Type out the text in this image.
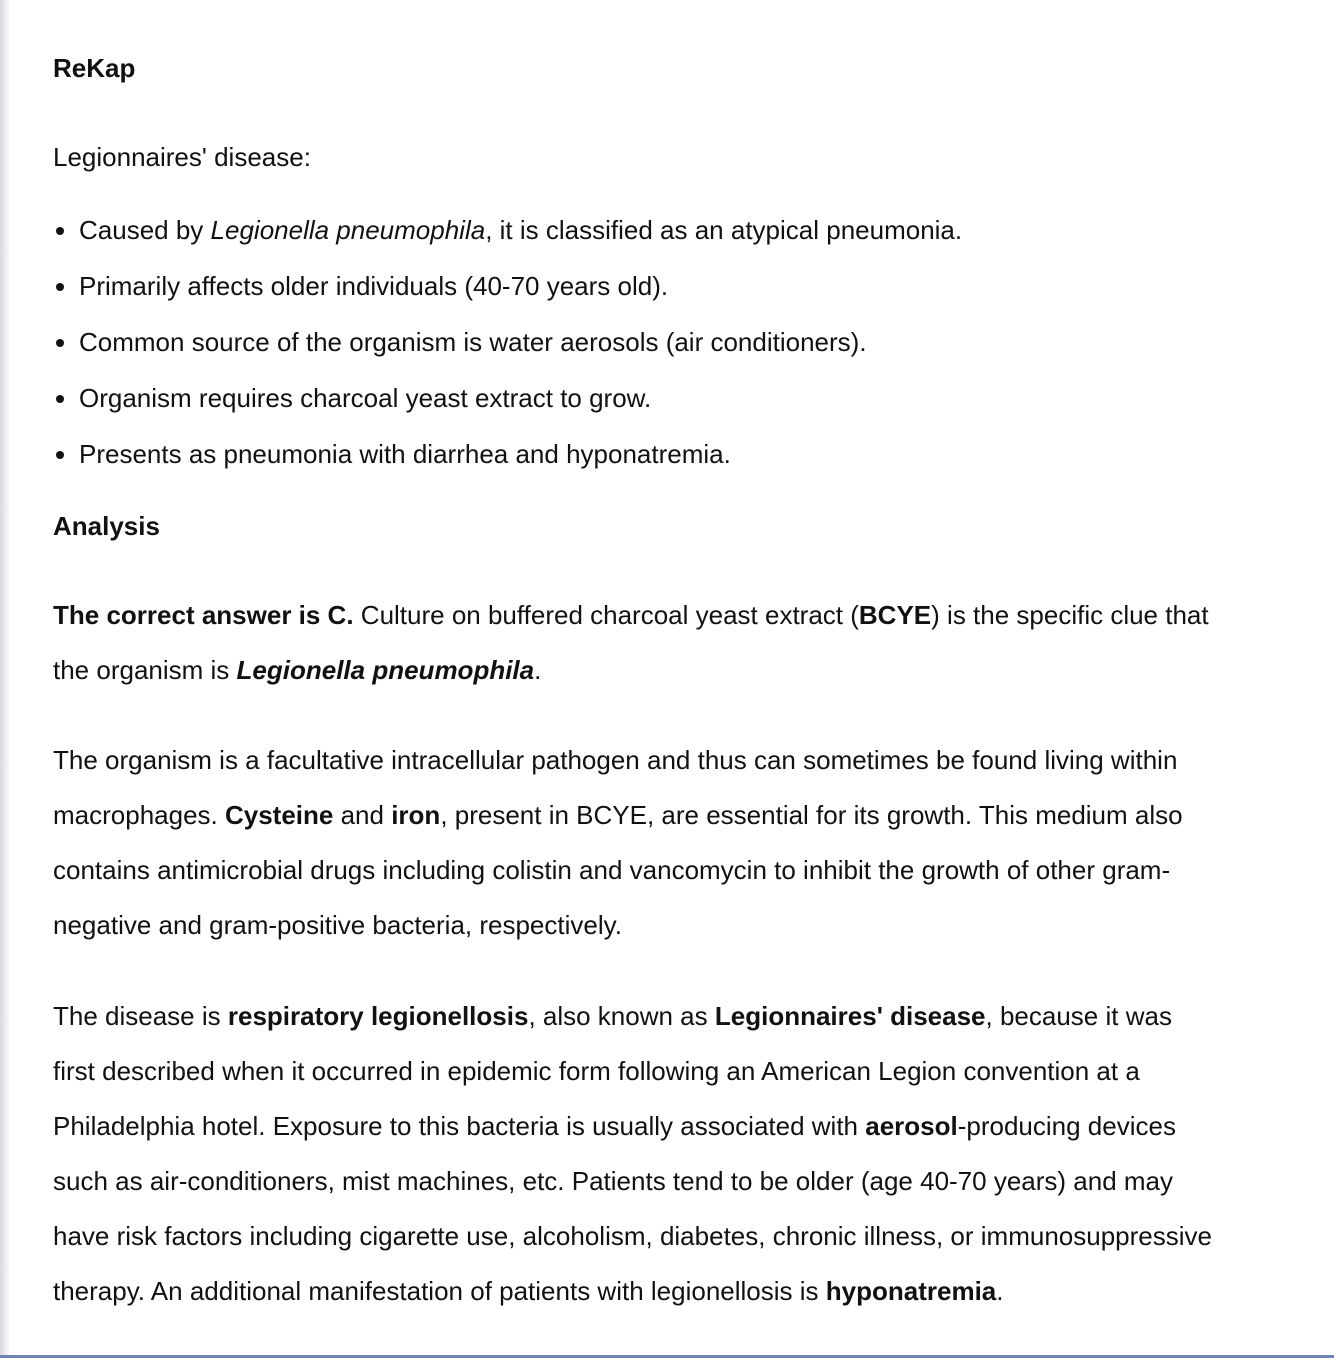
ReKap

Legionnaires' disease:

Caused by Legionella pneumophila, it is classified as an atypical pneumonia.
Primarily affects older individuals (40-70 years old).
Common source of the organism is water aerosols (air conditioners).
Organism requires charcoal yeast extract to grow.
Presents as pneumonia with diarrhea and hyponatremia.
Analysis
The correct answer is C. Culture on buffered charcoal yeast extract (BCYE) is the specific clue that
the organism is Legionella pneumophila.
The organism is a facultative intracellular pathogen and thus can sometimes be found living within
macrophages. Cysteine and iron, present in BCYE, are essential for its growth. This medium also
contains antimicrobial drugs including colistin and vancomycin to inhibit the growth of other gram-
negative and gram-positive bacteria, respectively.
The disease is respiratory legionellosis, also known as Legionnaires' disease, because it was
first described when it occurred in epidemic form following an American Legion convention at a
Philadelphia hotel. Exposure to this bacteria is usually associated with aerosol-producing devices
such as air-conditioners, mist machines, etc. Patients tend to be older (age 40-70 years) and may
have risk factors including cigarette use, alcoholism, diabetes, chronic illness, or immunosuppressive
therapy. An additional manifestation of patients with legionellosis is hyponatremia.
